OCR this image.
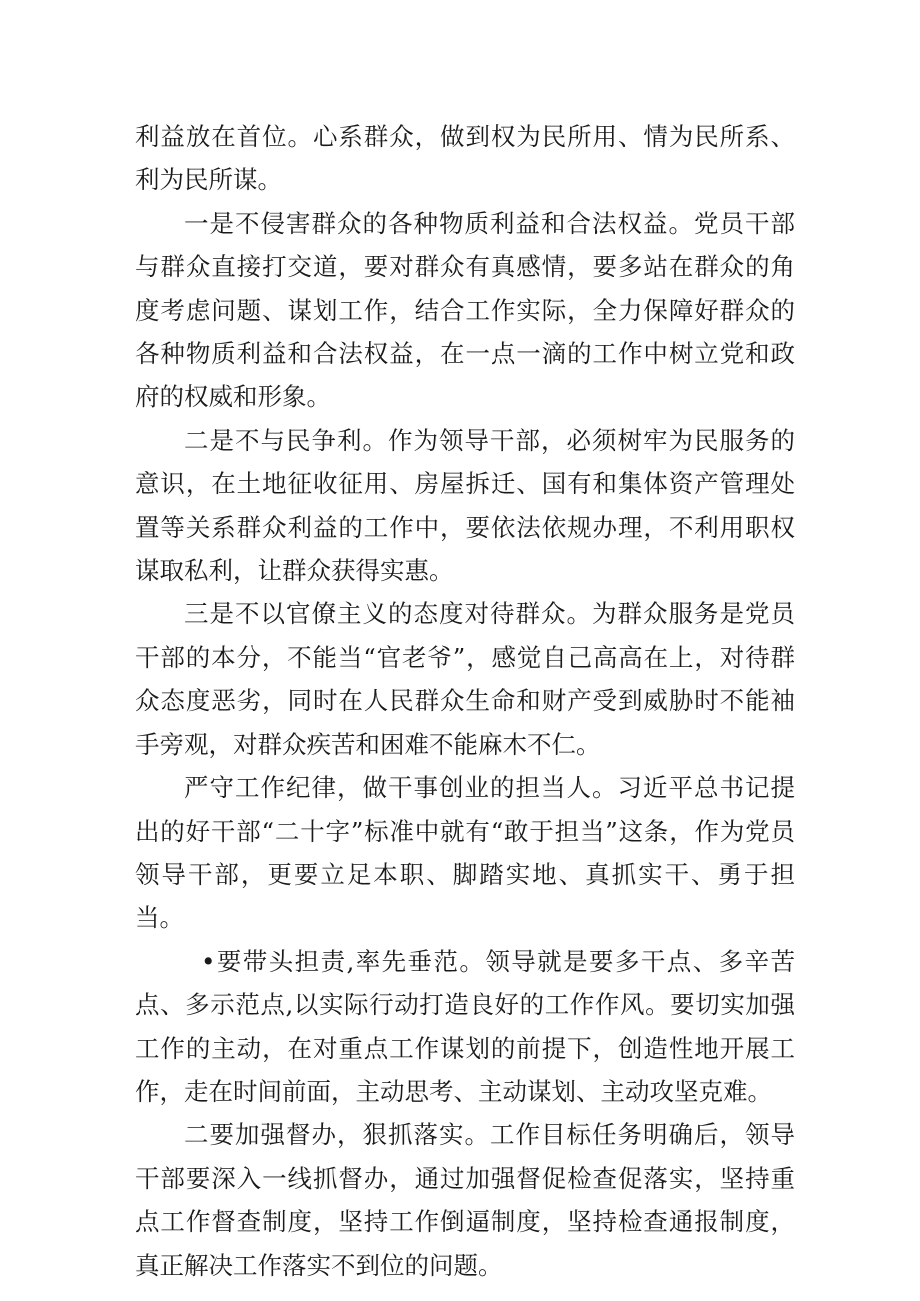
利益放在首位。心系群众，做到权为民所用、情为民所系、利为民所谋。

一是不侵害群众的各种物质利益和合法权益。党员干部与群众直接打交道，要对群众有真感情，要多站在群众的角度考虑问题、谋划工作，结合工作实际，全力保障好群众的各种物质利益和合法权益，在一点一滴的工作中树立党和政府的权威和形象。

二是不与民争利。作为领导干部，必须树牢为民服务的意识，在土地征收征用、房屋拆迁、国有和集体资产管理处置等关系群众利益的工作中，要依法依规办理，不利用职权谋取私利，让群众获得实惠。

三是不以官僚主义的态度对待群众。为群众服务是党员干部的本分，不能当“官老爷”，感觉自己高高在上，对待群众态度恶劣，同时在人民群众生命和财产受到威胁时不能袖手旁观，对群众疾苦和困难不能麻木不仁。

严守工作纪律，做干事创业的担当人。习近平总书记提出的好干部“二十字”标准中就有“敢于担当”这条，作为党员领导干部，更要立足本职、脚踏实地、真抓实干、勇于担当。

•要带头担责,率先垂范。领导就是要多干点、多辛苦点、多示范点,以实际行动打造良好的工作作风。要切实加强工作的主动，在对重点工作谋划的前提下，创造性地开展工作，走在时间前面，主动思考、主动谋划、主动攻坚克难。

二要加强督办，狠抓落实。工作目标任务明确后，领导干部要深入一线抓督办，通过加强督促检查促落实，坚持重点工作督查制度，坚持工作倒逼制度，坚持检查通报制度，真正解决工作落实不到位的问题。
